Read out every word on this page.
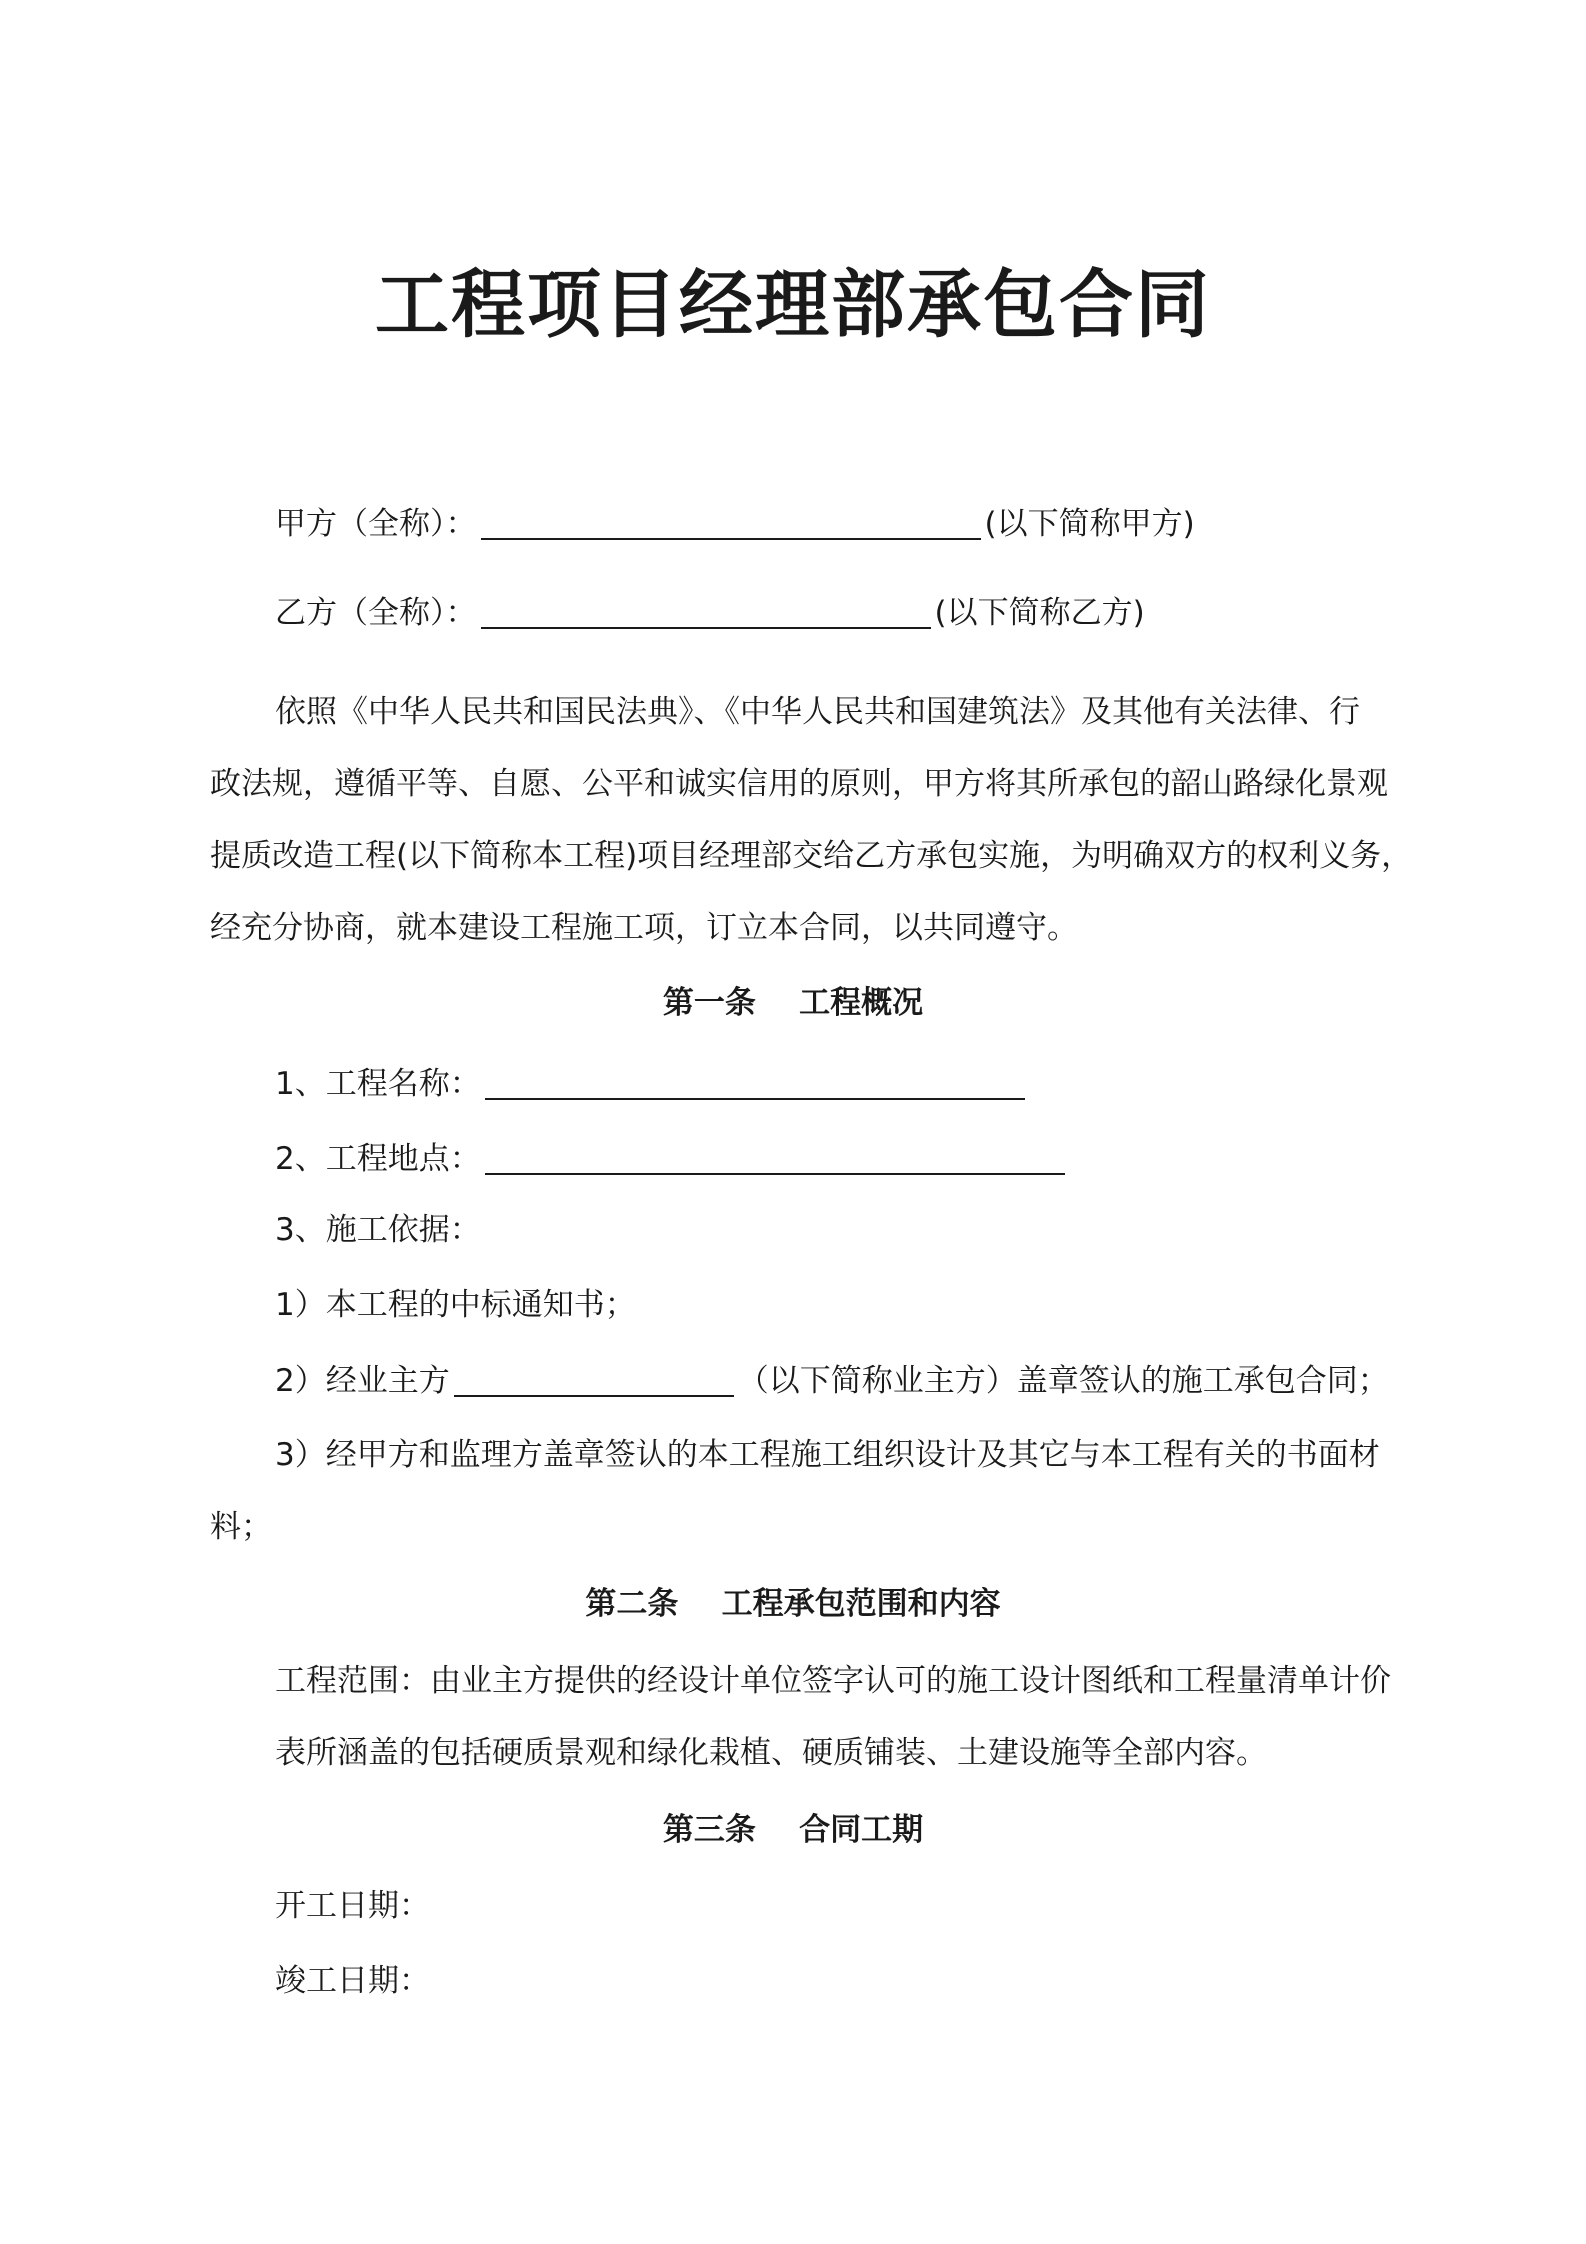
工程项目经理部承包合同
甲方（全称）：	(以下简称甲方)
乙方（全称）：	(以下简称乙方)
依照《中华人民共和国民法典》、《中华人民共和国建筑法》及其他有关法律、行
政法规，遵循平等、自愿、公平和诚实信用的原则，甲方将其所承包的韶山路绿化景观
提质改造工程(以下简称本工程)项目经理部交给乙方承包实施，为明确双方的权利义务，
经充分协商，就本建设工程施工项，订立本合同，以共同遵守。
第一条    工程概况
1、工程名称：
2、工程地点：
3、施工依据：
1）本工程的中标通知书；
2）经业主方	（以下简称业主方）盖章签认的施工承包合同；
3）经甲方和监理方盖章签认的本工程施工组织设计及其它与本工程有关的书面材
料；
第二条    工程承包范围和内容
工程范围：由业主方提供的经设计单位签字认可的施工设计图纸和工程量清单计价
表所涵盖的包括硬质景观和绿化栽植、硬质铺装、土建设施等全部内容。
第三条    合同工期
开工日期：
竣工日期：
